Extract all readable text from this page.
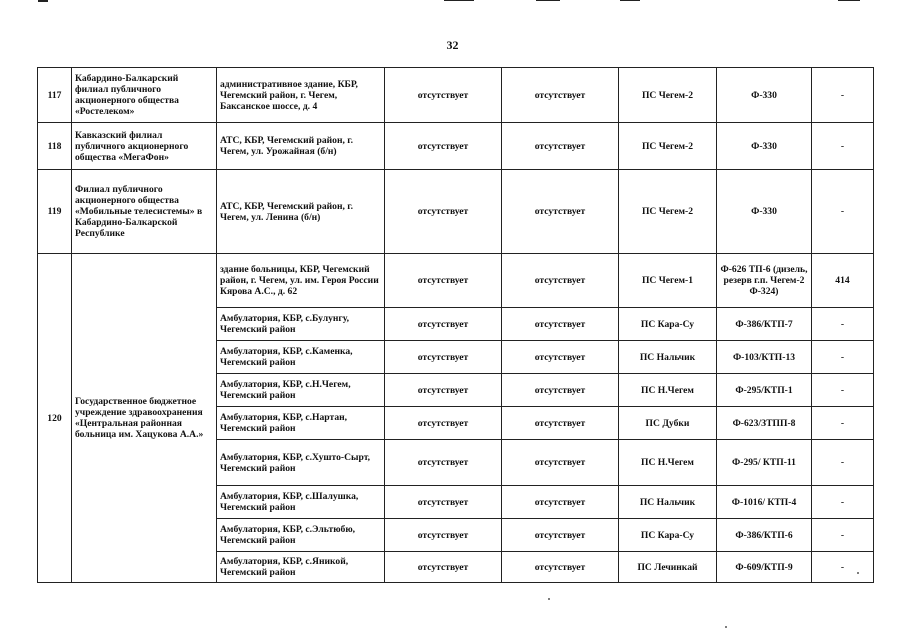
32
117	Кабардино-Балкарский филиал публичного акционерного общества «Ростелеком»	административное здание, КБР, Чегемский район, г. Чегем, Баксанское шоссе, д. 4	отсутствует	отсутствует	ПС Чегем-2	Ф-330	-
118	Кавказский филиал публичного акционерного общества «МегаФон»	АТС, КБР, Чегемский район, г. Чегем, ул. Урожайная (б/н)	отсутствует	отсутствует	ПС Чегем-2	Ф-330	-
119	Филиал публичного акционерного общества «Мобильные телесистемы» в Кабардино-Балкарской Республике	АТС, КБР, Чегемский район, г. Чегем, ул. Ленина (б/н)	отсутствует	отсутствует	ПС Чегем-2	Ф-330	-
120	Государственное бюджетное учреждение здравоохранения «Центральная районная больница им. Хацукова А.А.»	здание больницы, КБР, Чегемский район, г. Чегем, ул. им. Героя России Кярова А.С., д. 62	отсутствует	отсутствует	ПС Чегем-1	Ф-626 ТП-6 (дизель, резерв г.п. Чегем-2 Ф-324)	414
		Амбулатория, КБР, с.Булунгу, Чегемский район	отсутствует	отсутствует	ПС Кара-Су	Ф-386/КТП-7	-
		Амбулатория, КБР, с.Каменка, Чегемский район	отсутствует	отсутствует	ПС Нальчик	Ф-103/КТП-13	-
		Амбулатория, КБР, с.Н.Чегем, Чегемский район	отсутствует	отсутствует	ПС Н.Чегем	Ф-295/КТП-1	-
		Амбулатория, КБР, с.Нартан, Чегемский район	отсутствует	отсутствует	ПС Дубки	Ф-623/ЗТПП-8	-
		Амбулатория, КБР, с.Хушто-Сырт, Чегемский район	отсутствует	отсутствует	ПС Н.Чегем	Ф-295/ КТП-11	-
		Амбулатория, КБР, с.Шалушка, Чегемский район	отсутствует	отсутствует	ПС Нальчик	Ф-1016/ КТП-4	-
		Амбулатория, КБР, с.Эльтюбю, Чегемский район	отсутствует	отсутствует	ПС Кара-Су	Ф-386/КТП-6	-
		Амбулатория, КБР, с.Яникой, Чегемский район	отсутствует	отсутствует	ПС Лечинкай	Ф-609/КТП-9	-
